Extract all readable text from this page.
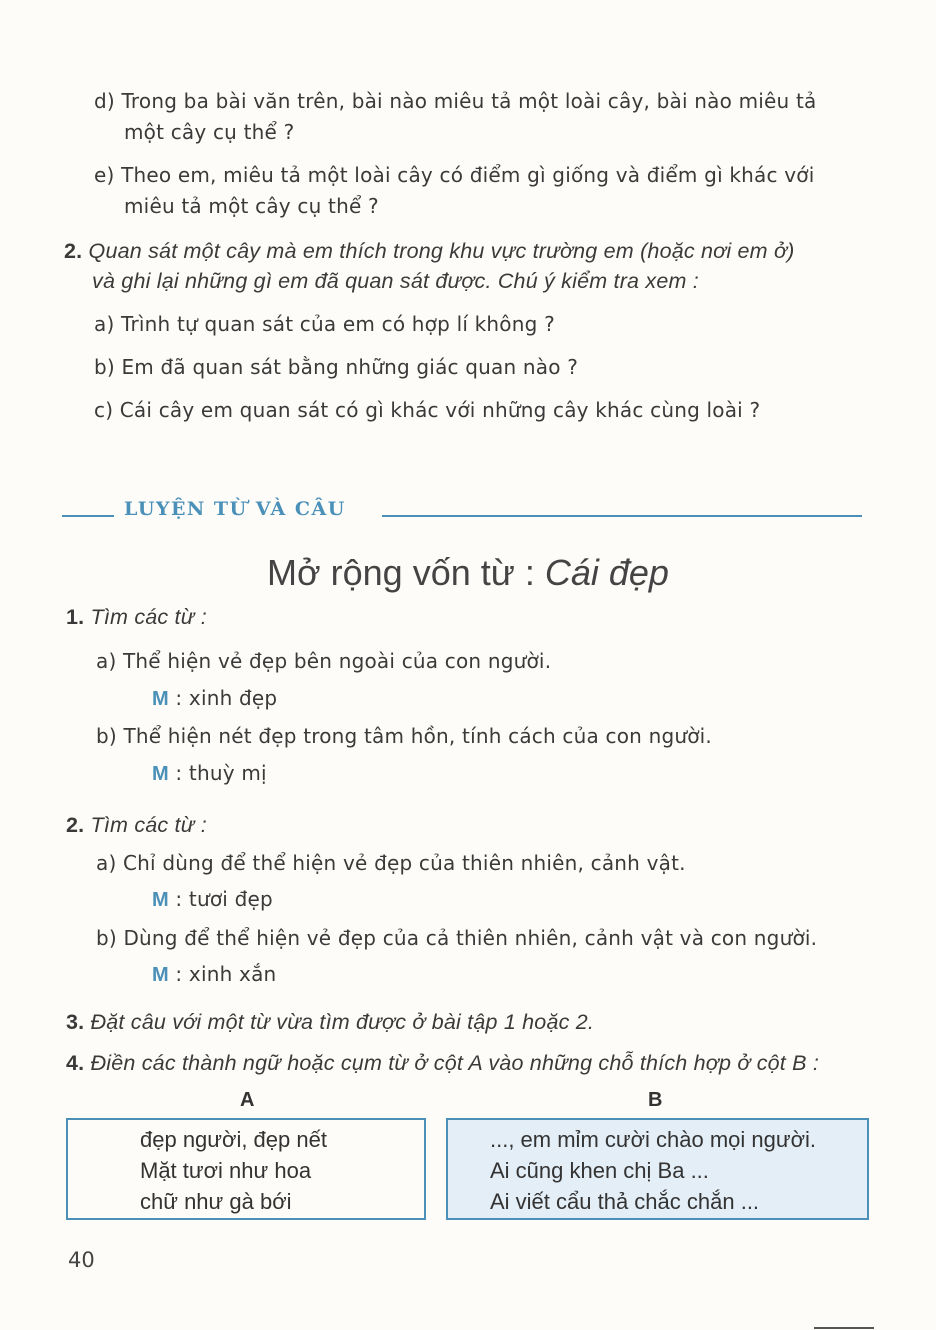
d) Trong ba bài văn trên, bài nào miêu tả một loài cây, bài nào miêu tả
một cây cụ thể ?
e) Theo em, miêu tả một loài cây có điểm gì giống và điểm gì khác với
miêu tả một cây cụ thể ?
2. Quan sát một cây mà em thích trong khu vực trường em (hoặc nơi em ở)
và ghi lại những gì em đã quan sát được. Chú ý kiểm tra xem :
a) Trình tự quan sát của em có hợp lí không ?
b) Em đã quan sát bằng những giác quan nào ?
c) Cái cây em quan sát có gì khác với những cây khác cùng loài ?
LUYỆN TỪ VÀ CÂU
Mở rộng vốn từ : Cái đẹp
1. Tìm các từ :
a) Thể hiện vẻ đẹp bên ngoài của con người.
M : xinh đẹp
b) Thể hiện nét đẹp trong tâm hồn, tính cách của con người.
M : thuỳ mị
2. Tìm các từ :
a) Chỉ dùng để thể hiện vẻ đẹp của thiên nhiên, cảnh vật.
M : tươi đẹp
b) Dùng để thể hiện vẻ đẹp của cả thiên nhiên, cảnh vật và con người.
M : xinh xắn
3. Đặt câu với một từ vừa tìm được ở bài tập 1 hoặc 2.
4. Điền các thành ngữ hoặc cụm từ ở cột A vào những chỗ thích hợp ở cột B :
A	B
đẹp người, đẹp nết
Mặt tươi như hoa
chữ như gà bới
..., em mỉm cười chào mọi người.
Ai cũng khen chị Ba ...
Ai viết cẩu thả chắc chắn ...
40
